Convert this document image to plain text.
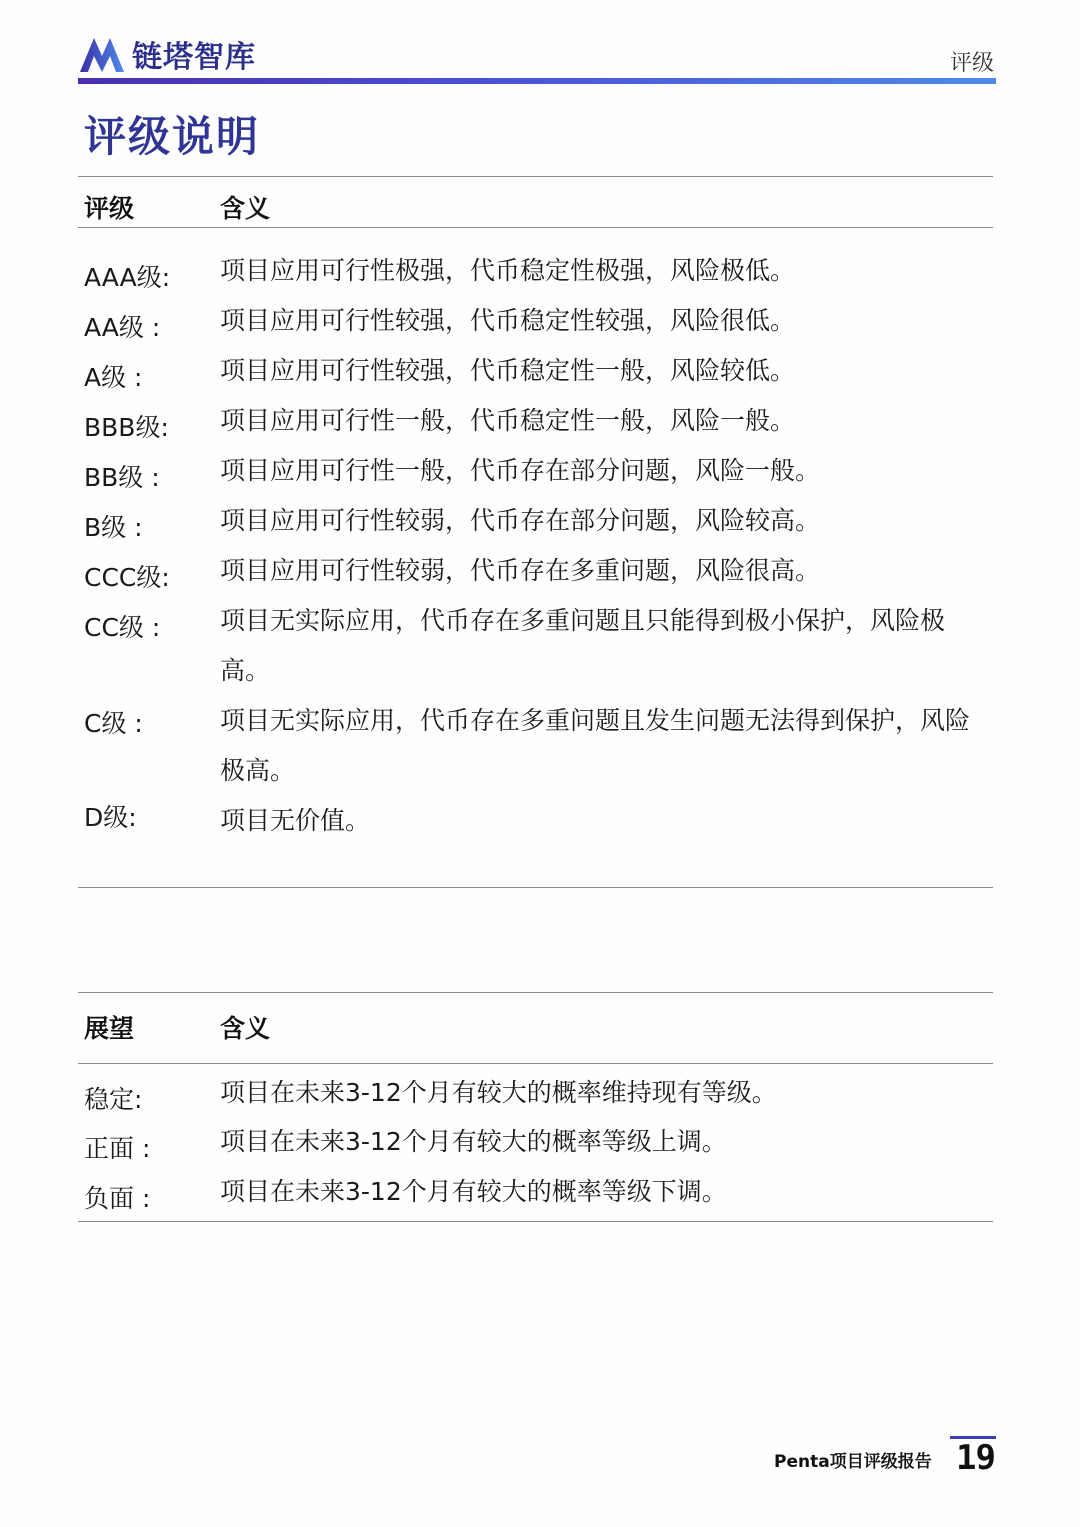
链塔智库	评级
评级说明
评级	含义
AAA级: 项目应用可行性极强，代币稳定性极强，风险极低。
AA级 : 项目应用可行性较强，代币稳定性较强，风险很低。
A级 :	项目应用可行性较强，代币稳定性一般，风险较低。
BBB级: 项目应用可行性一般，代币稳定性一般，风险一般。
BB级 : 项目应用可行性一般，代币存在部分问题，风险一般。
B级 :	项目应用可行性较弱，代币存在部分问题，风险较高。
CCC级: 项目应用可行性较弱，代币存在多重问题，风险很高。
CC级 : 项目无实际应用，代币存在多重问题且只能得到极小保护，风险极高。
C级 :	项目无实际应用，代币存在多重问题且发生问题无法得到保护，风险极高。
D级:	项目无价值。
展望	含义
稳定:	项目在未来3-12个月有较大的概率维持现有等级。
正面 :	项目在未来3-12个月有较大的概率等级上调。
负面 :	项目在未来3-12个月有较大的概率等级下调。
Penta项目评级报告 19
